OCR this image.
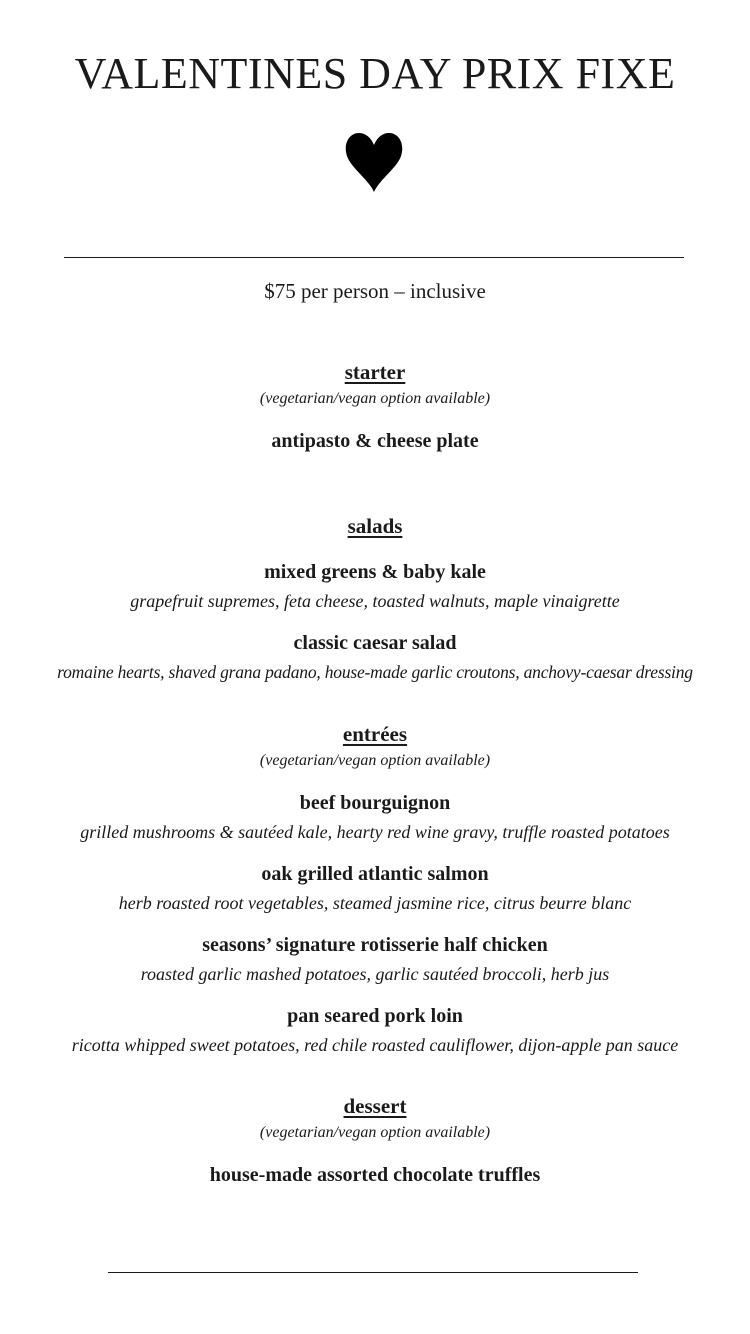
VALENTINES DAY PRIX FIXE
$75 per person – inclusive
starter
(vegetarian/vegan option available)
antipasto & cheese plate
salads
mixed greens & baby kale
grapefruit supremes, feta cheese, toasted walnuts, maple vinaigrette
classic caesar salad
romaine hearts, shaved grana padano, house-made garlic croutons, anchovy-caesar dressing
entrées
(vegetarian/vegan option available)
beef bourguignon
grilled mushrooms & sautéed kale, hearty red wine gravy, truffle roasted potatoes
oak grilled atlantic salmon
herb roasted root vegetables, steamed jasmine rice, citrus beurre blanc
seasons’ signature rotisserie half chicken
roasted garlic mashed potatoes, garlic sautéed broccoli, herb jus
pan seared pork loin
ricotta whipped sweet potatoes, red chile roasted cauliflower, dijon-apple pan sauce
dessert
(vegetarian/vegan option available)
house-made assorted chocolate truffles
